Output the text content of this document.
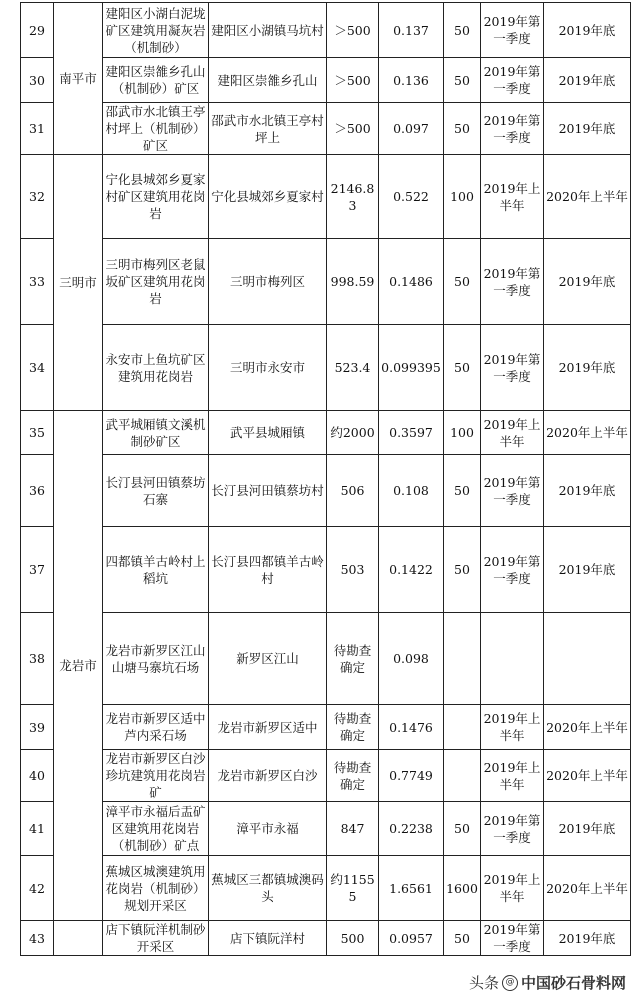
29	南平市	建阳区小湖白泥垅矿区建筑用凝灰岩（机制砂）	建阳区小湖镇马坑村	＞500	0.137	50	2019年第一季度	2019年底
30		建阳区崇雒乡孔山（机制砂）矿区	建阳区崇雒乡孔山	＞500	0.136	50	2019年第一季度	2019年底
31		邵武市水北镇王亭村坪上（机制砂）矿区	邵武市水北镇王亭村坪上	＞500	0.097	50	2019年第一季度	2019年底
32	三明市	宁化县城郊乡夏家村矿区建筑用花岗岩	宁化县城郊乡夏家村	2146.83	0.522	100	2019年上半年	2020年上半年
33		三明市梅列区老鼠坂矿区建筑用花岗岩	三明市梅列区	998.59	0.1486	50	2019年第一季度	2019年底
34		永安市上鱼坑矿区建筑用花岗岩	三明市永安市	523.4	0.099395	50	2019年第一季度	2019年底
35	龙岩市	武平城厢镇文溪机制砂矿区	武平县城厢镇	约2000	0.3597	100	2019年上半年	2020年上半年
36		长汀县河田镇蔡坊石寨	长汀县河田镇蔡坊村	506	0.108	50	2019年第一季度	2019年底
37		四都镇羊古岭村上稻坑	长汀县四都镇羊古岭村	503	0.1422	50	2019年第一季度	2019年底
38		龙岩市新罗区江山山塘马寨坑石场	新罗区江山	待勘查确定	0.098			
39		龙岩市新罗区适中芦内采石场	龙岩市新罗区适中	待勘查确定	0.1476		2019年上半年	2020年上半年
40		龙岩市新罗区白沙珍坑建筑用花岗岩矿	龙岩市新罗区白沙	待勘查确定	0.7749		2019年上半年	2020年上半年
41		漳平市永福后盂矿区建筑用花岗岩（机制砂）矿点	漳平市永福	847	0.2238	50	2019年第一季度	2019年底
42		蕉城区城澳建筑用花岗岩（机制砂）规划开采区	蕉城区三都镇城澳码头	约11555	1.6561	1600	2019年上半年	2020年上半年
43		店下镇阮洋机制砂开采区	店下镇阮洋村	500	0.0957	50	2019年第一季度	2019年底
头条 @ 中国砂石骨料网
